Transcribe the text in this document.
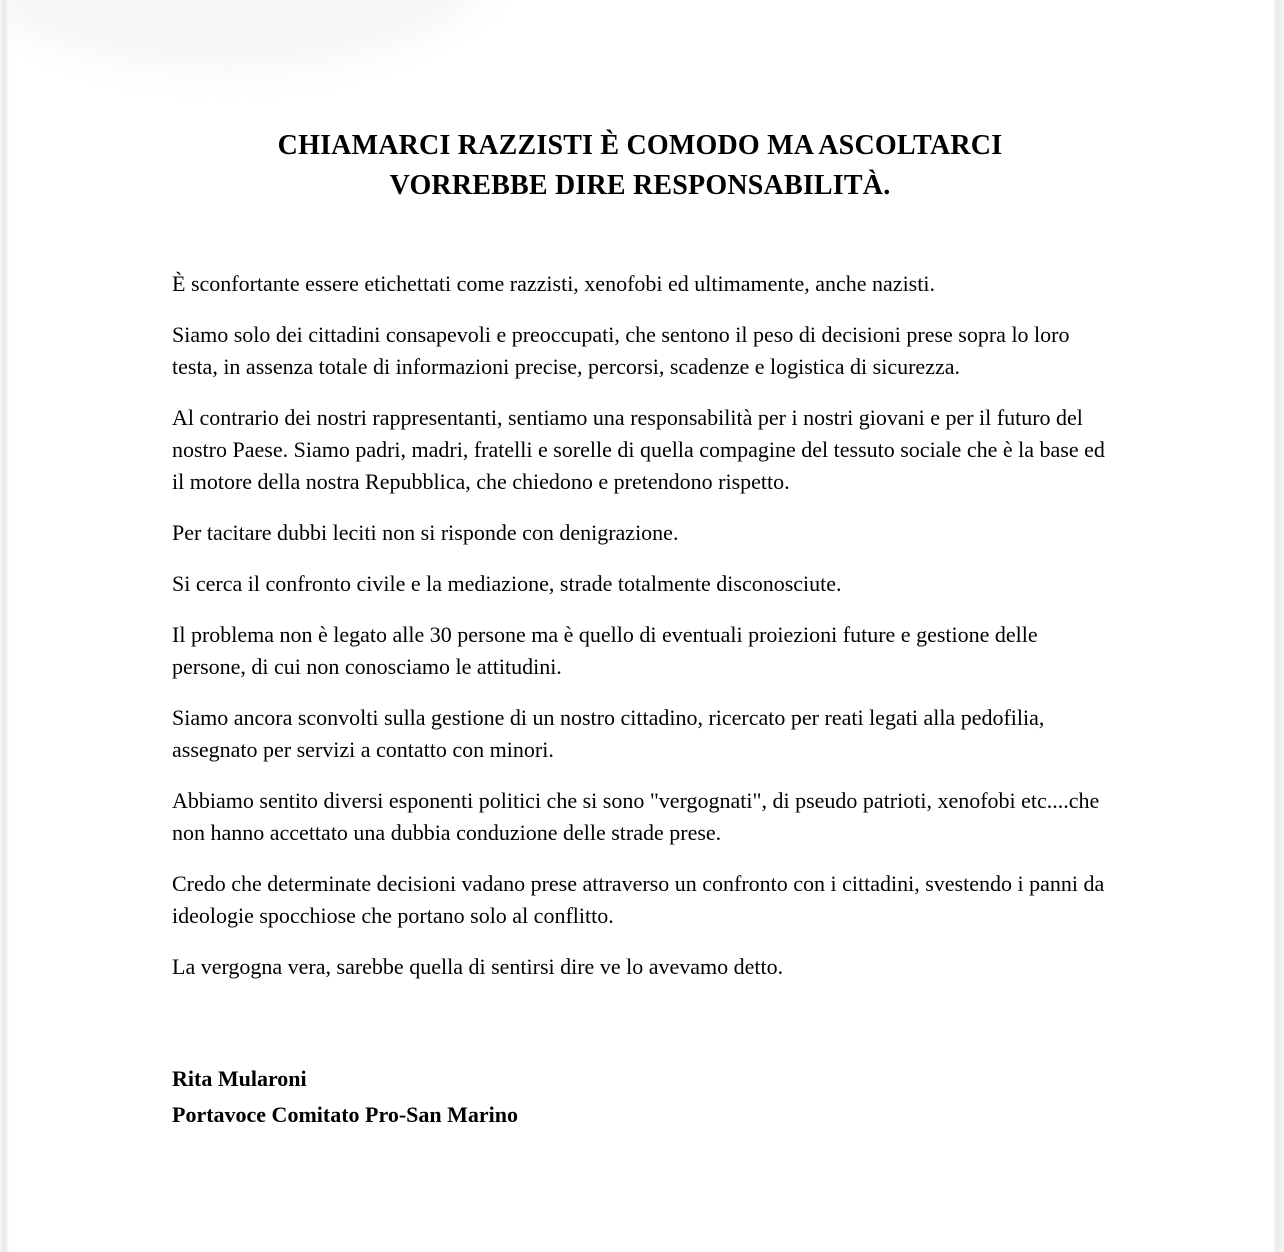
CHIAMARCI RAZZISTI È COMODO MA ASCOLTARCI
VORREBBE DIRE RESPONSABILITÀ.

È sconfortante essere etichettati come razzisti, xenofobi ed ultimamente, anche nazisti.

Siamo solo dei cittadini consapevoli e preoccupati, che sentono il peso di decisioni prese sopra lo loro testa, in assenza totale di informazioni precise, percorsi, scadenze e logistica di sicurezza.

Al contrario dei nostri rappresentanti, sentiamo una responsabilità per i nostri giovani e per il futuro del nostro Paese. Siamo padri, madri, fratelli e sorelle di quella compagine del tessuto sociale che è la base ed il motore della nostra Repubblica, che chiedono e pretendono rispetto.

Per tacitare dubbi leciti non si risponde con denigrazione.

Si cerca il confronto civile e la mediazione, strade totalmente disconosciute.

Il problema non è legato alle 30 persone ma è quello di eventuali proiezioni future e gestione delle persone, di cui non conosciamo le attitudini.

Siamo ancora sconvolti sulla gestione di un nostro cittadino, ricercato per reati legati alla pedofilia, assegnato per servizi a contatto con minori.

Abbiamo sentito diversi esponenti politici che si sono "vergognati", di pseudo patrioti, xenofobi etc....che non hanno accettato una dubbia conduzione delle strade prese.

Credo che determinate decisioni vadano prese attraverso un confronto con i cittadini, svestendo i panni da ideologie spocchiose che portano solo al conflitto.

La vergogna vera, sarebbe quella di sentirsi dire ve lo avevamo detto.

Rita Mularoni
Portavoce Comitato Pro-San Marino
